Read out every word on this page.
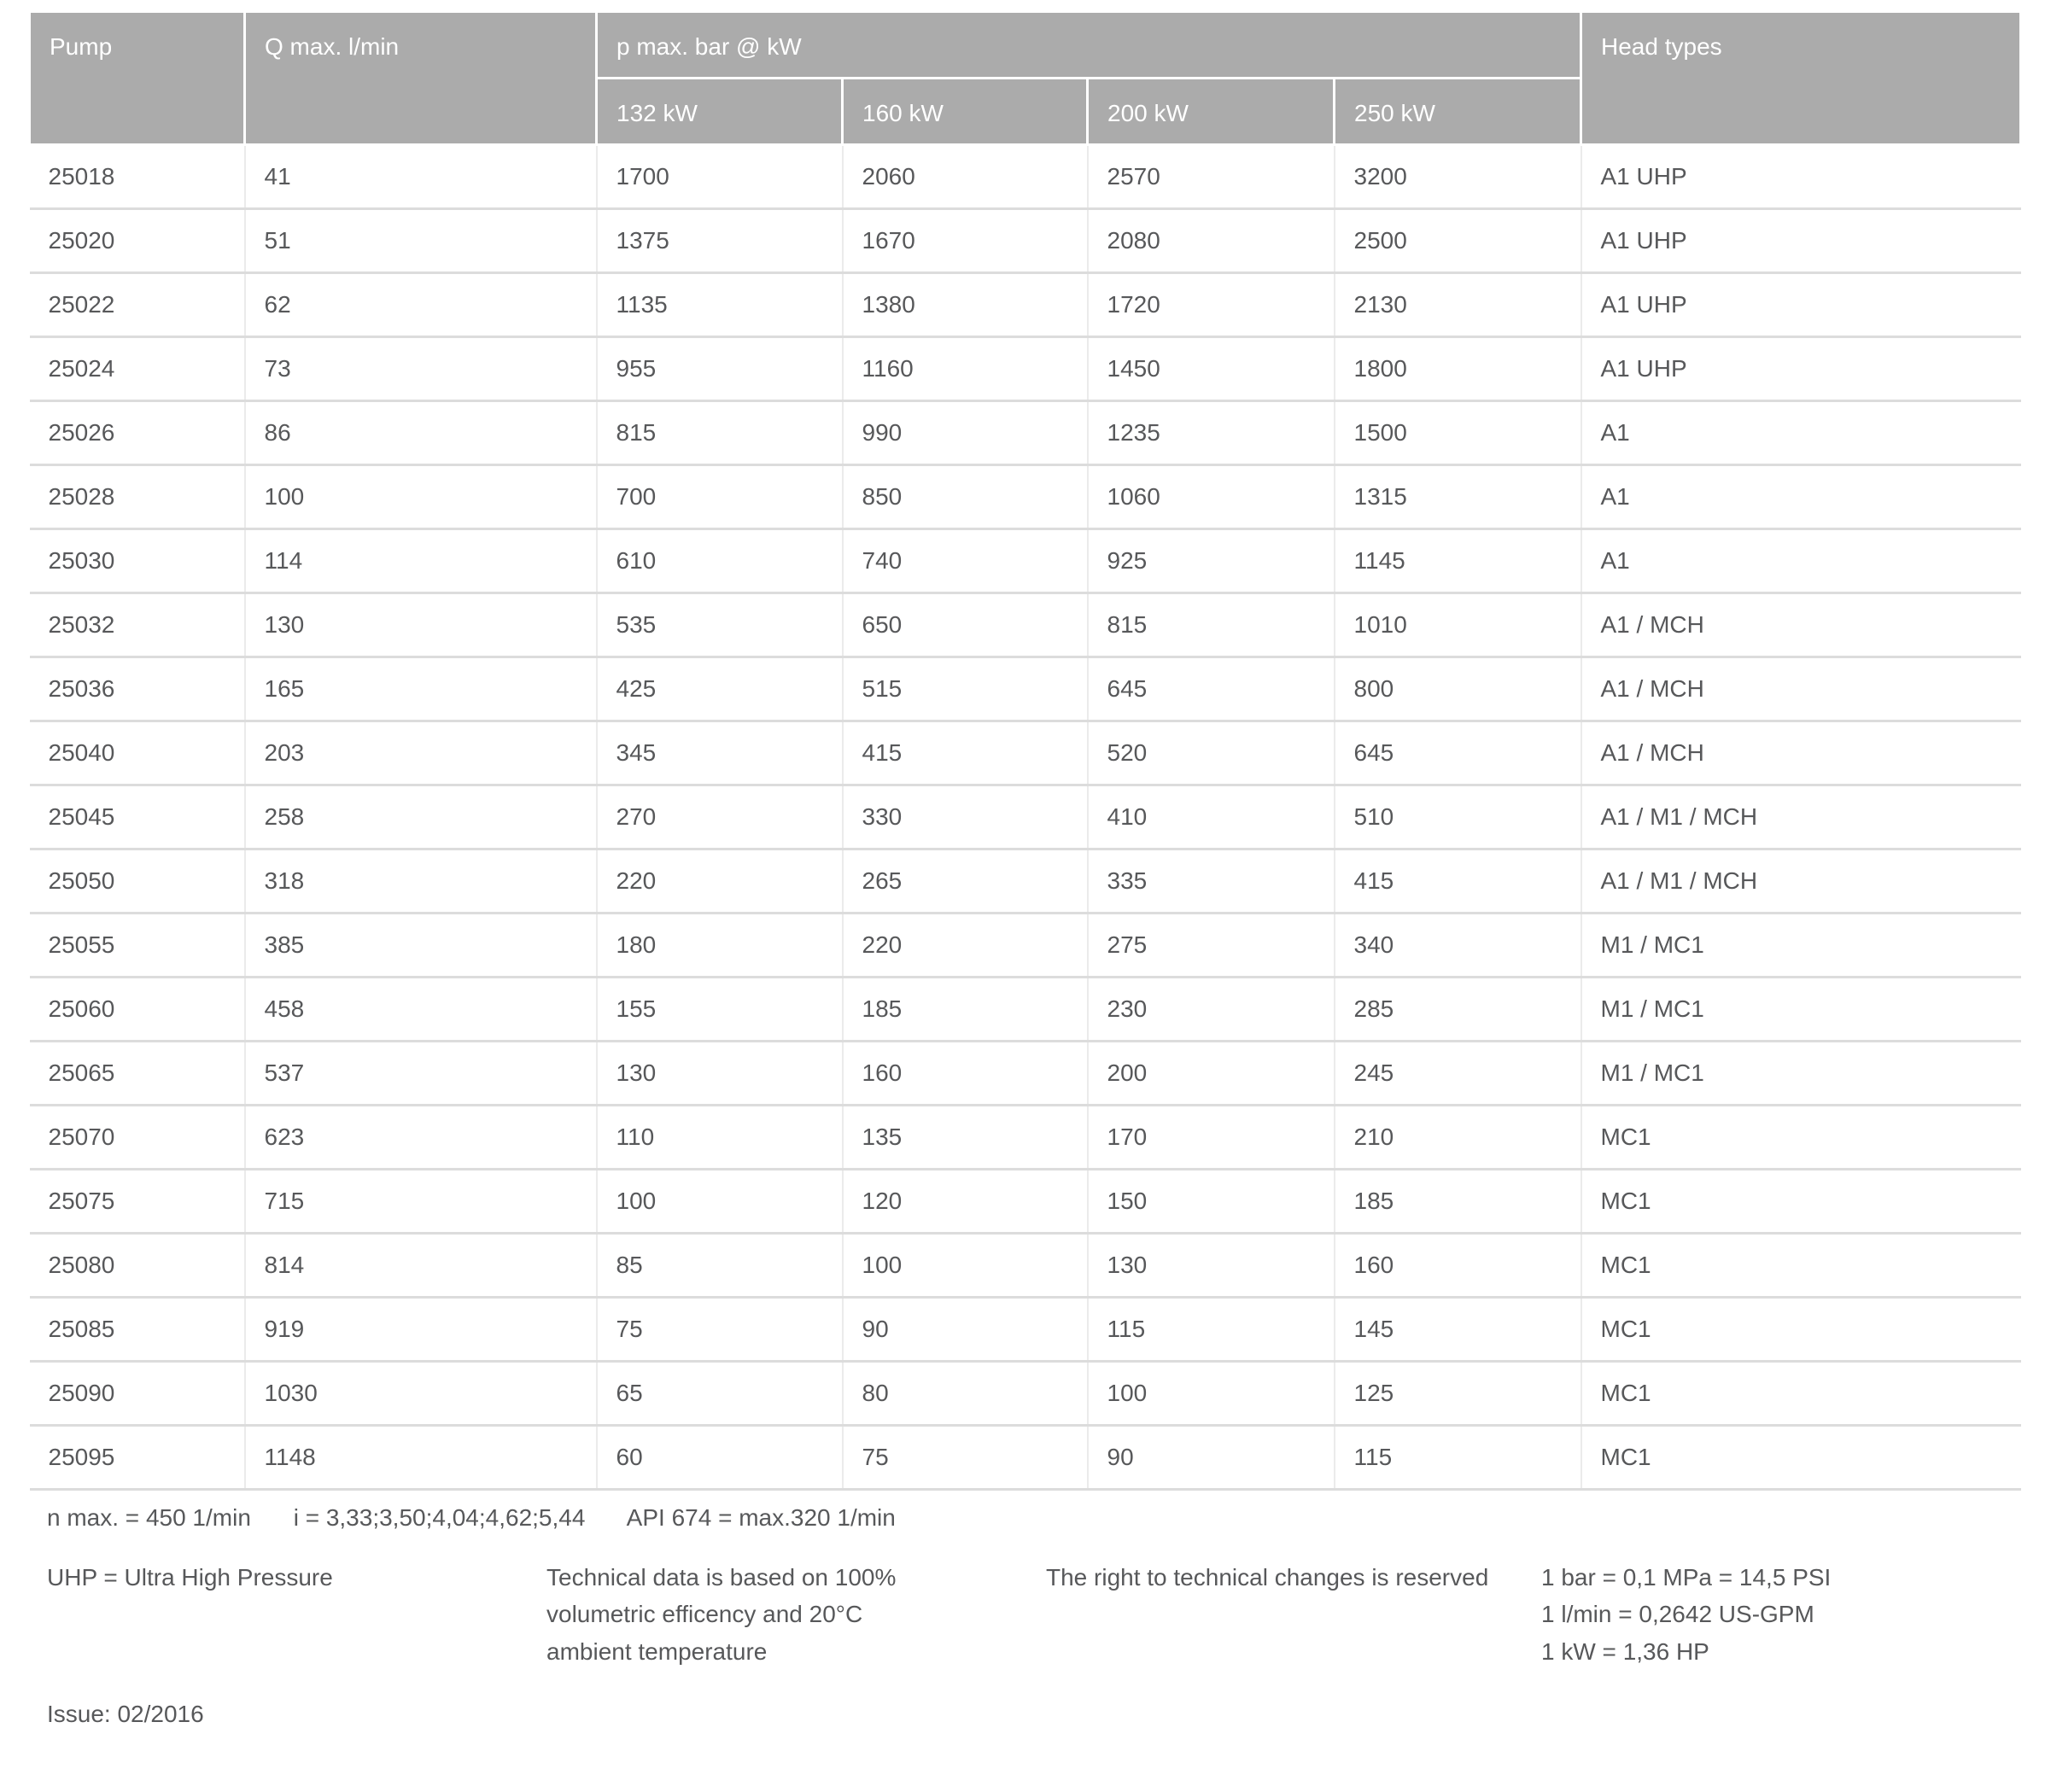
Pump	Q max. l/min	p max. bar @ kW				Head types
		132 kW	160 kW	200 kW	250 kW	
25018	41	1700	2060	2570	3200	A1 UHP
25020	51	1375	1670	2080	2500	A1 UHP
25022	62	1135	1380	1720	2130	A1 UHP
25024	73	955	1160	1450	1800	A1 UHP
25026	86	815	990	1235	1500	A1
25028	100	700	850	1060	1315	A1
25030	114	610	740	925	1145	A1
25032	130	535	650	815	1010	A1 / MCH
25036	165	425	515	645	800	A1 / MCH
25040	203	345	415	520	645	A1 / MCH
25045	258	270	330	410	510	A1 / M1 / MCH
25050	318	220	265	335	415	A1 / M1 / MCH
25055	385	180	220	275	340	M1 / MC1
25060	458	155	185	230	285	M1 / MC1
25065	537	130	160	200	245	M1 / MC1
25070	623	110	135	170	210	MC1
25075	715	100	120	150	185	MC1
25080	814	85	100	130	160	MC1
25085	919	75	90	115	145	MC1
25090	1030	65	80	100	125	MC1
25095	1148	60	75	90	115	MC1
n max. = 450 1/min i = 3,33;3,50;4,04;4,62;5,44 API 674 = max.320 1/min
UHP = Ultra High Pressure	Technical data is based on 100% volumetric efficency and 20°C ambient temperature
The right to technical changes is reserved	1 bar = 0,1 MPa = 14,5 PSI
1 l/min = 0,2642 US-GPM
1 kW = 1,36 HP
Issue: 02/2016
